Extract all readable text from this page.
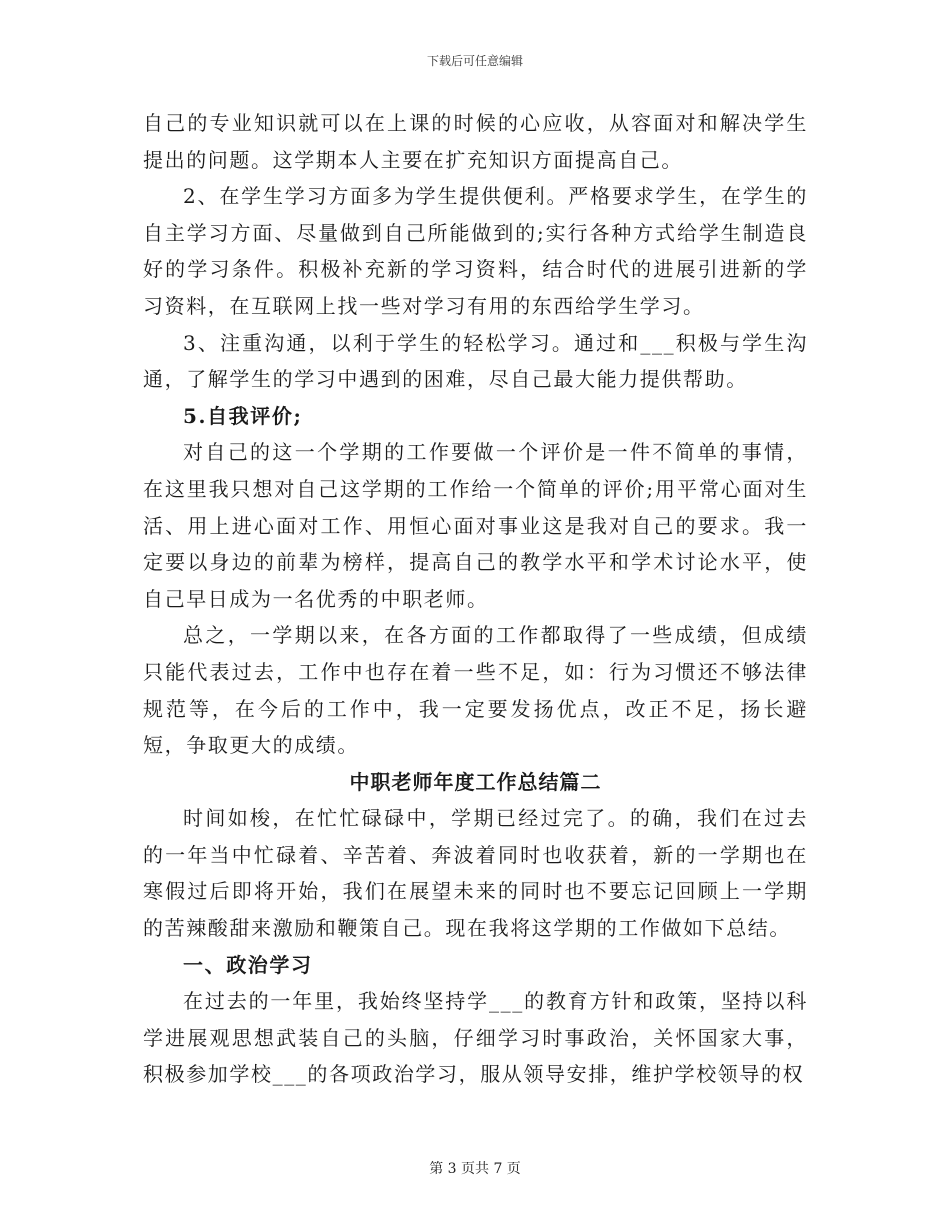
下载后可任意编辑

自己的专业知识就可以在上课的时候的心应收，从容面对和解决学生提出的问题。这学期本人主要在扩充知识方面提高自己。

2、在学生学习方面多为学生提供便利。严格要求学生，在学生的自主学习方面、尽量做到自己所能做到的;实行各种方式给学生制造良好的学习条件。积极补充新的学习资料，结合时代的进展引进新的学习资料，在互联网上找一些对学习有用的东西给学生学习。

3、注重沟通，以利于学生的轻松学习。通过和___积极与学生沟通，了解学生的学习中遇到的困难，尽自己最大能力提供帮助。

5.自我评价;

对自己的这一个学期的工作要做一个评价是一件不简单的事情，在这里我只想对自己这学期的工作给一个简单的评价;用平常心面对生活、用上进心面对工作、用恒心面对事业这是我对自己的要求。我一定要以身边的前辈为榜样，提高自己的教学水平和学术讨论水平，使自己早日成为一名优秀的中职老师。

总之，一学期以来，在各方面的工作都取得了一些成绩，但成绩只能代表过去，工作中也存在着一些不足，如：行为习惯还不够法律规范等，在今后的工作中，我一定要发扬优点，改正不足，扬长避短，争取更大的成绩。

中职老师年度工作总结篇二

时间如梭，在忙忙碌碌中，学期已经过完了。的确，我们在过去的一年当中忙碌着、辛苦着、奔波着同时也收获着，新的一学期也在寒假过后即将开始，我们在展望未来的同时也不要忘记回顾上一学期的苦辣酸甜来激励和鞭策自己。现在我将这学期的工作做如下总结。

一、政治学习

在过去的一年里，我始终坚持学___的教育方针和政策，坚持以科学进展观思想武装自己的头脑，仔细学习时事政治，关怀国家大事，积极参加学校___的各项政治学习，服从领导安排，维护学校领导的权

第 3 页共 7 页
